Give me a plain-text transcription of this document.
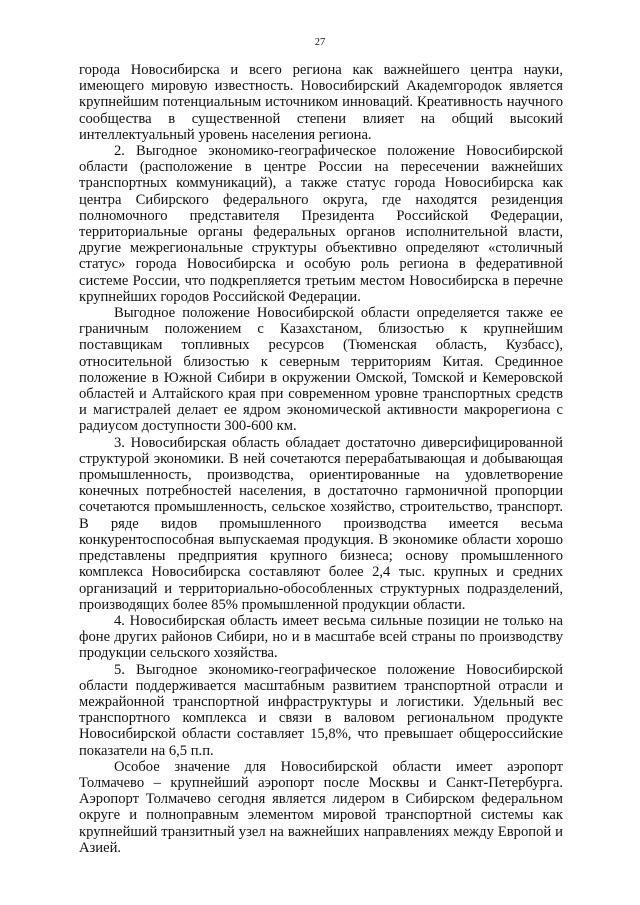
27

города Новосибирска и всего региона как важнейшего центра науки, имеющего мировую известность. Новосибирский Академгородок является крупнейшим потенциальным источником инноваций. Креативность научного сообщества в существенной степени влияет на общий высокий интеллектуальный уровень населения региона.

2. Выгодное экономико-географическое положение Новосибирской области (расположение в центре России на пересечении важнейших транспортных коммуникаций), а также статус города Новосибирска как центра Сибирского федерального округа, где находятся резиденция полномочного представителя Президента Российской Федерации, территориальные органы федеральных органов исполнительной власти, другие межрегиональные структуры объективно определяют «столичный статус» города Новосибирска и особую роль региона в федеративной системе России, что подкрепляется третьим местом Новосибирска в перечне крупнейших городов Российской Федерации.

Выгодное положение Новосибирской области определяется также ее граничным положением с Казахстаном, близостью к крупнейшим поставщикам топливных ресурсов (Тюменская область, Кузбасс), относительной близостью к северным территориям Китая. Срединное положение в Южной Сибири в окружении Омской, Томской и Кемеровской областей и Алтайского края при современном уровне транспортных средств и магистралей делает ее ядром экономической активности макрорегиона с радиусом доступности 300-600 км.

3. Новосибирская область обладает достаточно диверсифицированной структурой экономики. В ней сочетаются перерабатывающая и добывающая промышленность, производства, ориентированные на удовлетворение конечных потребностей населения, в достаточно гармоничной пропорции сочетаются промышленность, сельское хозяйство, строительство, транспорт. В ряде видов промышленного производства имеется весьма конкурентоспособная выпускаемая продукция. В экономике области хорошо представлены предприятия крупного бизнеса; основу промышленного комплекса Новосибирска составляют более 2,4 тыс. крупных и средних организаций и территориально-обособленных структурных подразделений, производящих более 85% промышленной продукции области.

4. Новосибирская область имеет весьма сильные позиции не только на фоне других районов Сибири, но и в масштабе всей страны по производству продукции сельского хозяйства.

5. Выгодное экономико-географическое положение Новосибирской области поддерживается масштабным развитием транспортной отрасли и межрайонной транспортной инфраструктуры и логистики. Удельный вес транспортного комплекса и связи в валовом региональном продукте Новосибирской области составляет 15,8%, что превышает общероссийские показатели на 6,5 п.п.

Особое значение для Новосибирской области имеет аэропорт Толмачево – крупнейший аэропорт после Москвы и Санкт-Петербурга. Аэропорт Толмачево сегодня является лидером в Сибирском федеральном округе и полноправным элементом мировой транспортной системы как крупнейший транзитный узел на важнейших направлениях между Европой и Азией.
